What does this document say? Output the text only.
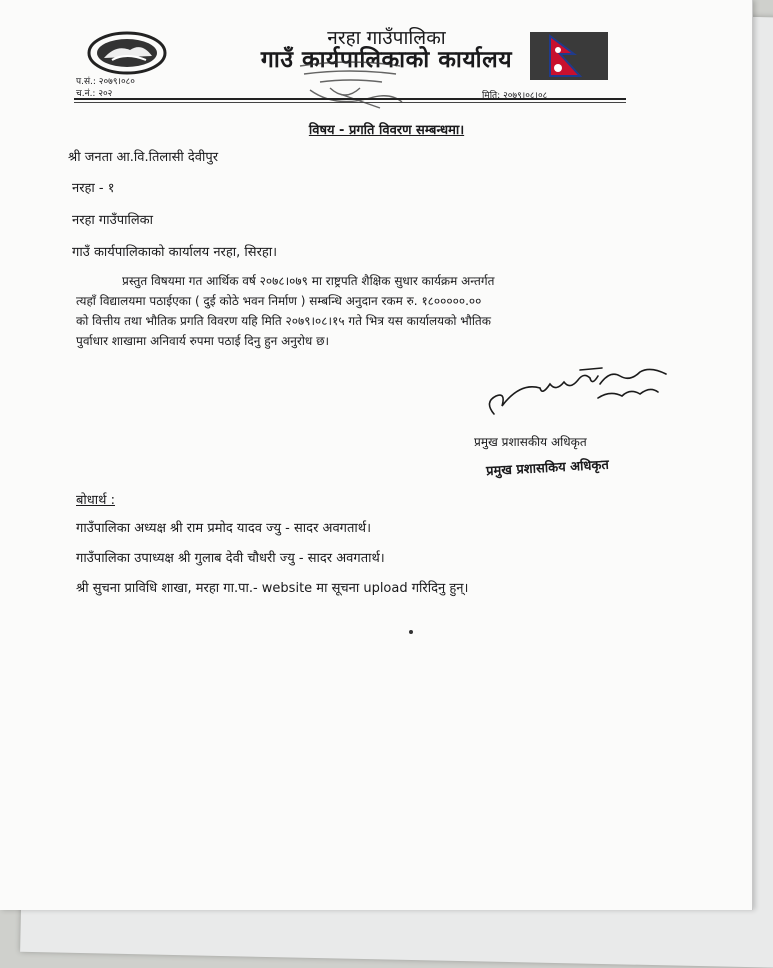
नरहा गाउँपालिका
गाउँ कार्यपालिकाको कार्यालय
प.सं.: २०७९।०८०
च.नं.: २०२	मिति: २०७९।०८।०८
विषय - प्रगति विवरण सम्बन्धमा।
श्री जनता आ.वि.तिलासी देवीपुर
नरहा - १
नरहा गाउँपालिका
गाउँ कार्यपालिकाको कार्यालय नरहा, सिरहा।
प्रस्तुत विषयमा गत आर्थिक वर्ष २०७८।०७९ मा राष्ट्रपति शैक्षिक सुधार कार्यक्रम अन्तर्गत
त्यहाँ विद्यालयमा पठाईएका ( दुई कोठे भवन निर्माण ) सम्बन्धि अनुदान रकम रु. १८०००००.००
को वित्तीय तथा भौतिक प्रगति विवरण यहि मिति २०७९।०८।१५ गते भित्र यस कार्यालयको भौतिक
पुर्वाधार शाखामा अनिवार्य रुपमा पठाई दिनु हुन अनुरोध छ।
प्रमुख प्रशासकीय अधिकृत
प्रमुख प्रशासकिय अधिकृत
बोधार्थ :
गाउँपालिका अध्यक्ष श्री राम प्रमोद यादव ज्यु - सादर अवगतार्थ।
गाउँपालिका उपाध्यक्ष श्री गुलाब देवी चौधरी ज्यु - सादर अवगतार्थ।
श्री सुचना प्राविधि शाखा, मरहा गा.पा.- website मा सूचना upload गरिदिनु हुन्।
